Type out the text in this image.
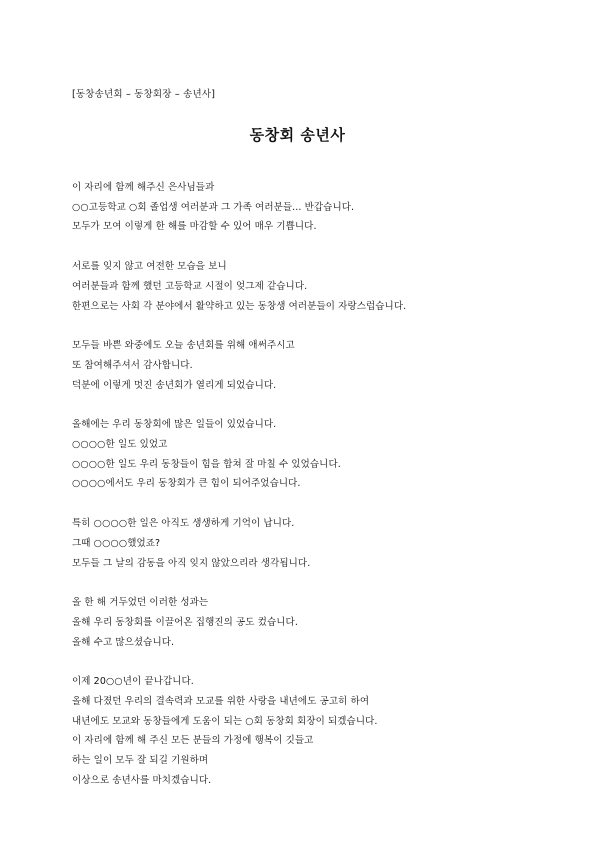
[동창송년회 – 동창회장 – 송년사]
동창회 송년사
이 자리에 함께 해주신 은사님들과
○○고등학교 ○회 졸업생 여러분과 그 가족 여러분들... 반갑습니다.
모두가 모여 이렇게 한 해를 마감할 수 있어 매우 기쁩니다.
서로를 잊지 않고 여전한 모습을 보니
여러분들과 함께 했던 고등학교 시절이 엊그제 같습니다.
한편으로는 사회 각 분야에서 활약하고 있는 동창생 여러분들이 자랑스럽습니다.
모두들 바쁜 와중에도 오늘 송년회를 위해 애써주시고
또 참여해주셔서 감사합니다.
덕분에 이렇게 멋진 송년회가 열리게 되었습니다.
올해에는 우리 동창회에 많은 일들이 있었습니다.
○○○○한 일도 있었고
○○○○한 일도 우리 동창들이 힘을 합쳐 잘 마칠 수 있었습니다.
○○○○에서도 우리 동창회가 큰 힘이 되어주었습니다.
특히 ○○○○한 일은 아직도 생생하게 기억이 납니다.
그때 ○○○○했었죠?
모두들 그 날의 감동을 아직 잊지 않았으리라 생각됩니다.
올 한 해 거두었던 이러한 성과는
올해 우리 동창회를 이끌어온 집행진의 공도 컸습니다.
올해 수고 많으셨습니다.
이제 20○○년이 끝나갑니다.
올해 다졌던 우리의 결속력과 모교를 위한 사랑을 내년에도 공고히 하여
내년에도 모교와 동창들에게 도움이 되는 ○회 동창회 회장이 되겠습니다.
이 자리에 함께 해 주신 모든 분들의 가정에 행복이 깃들고
하는 일이 모두 잘 되길 기원하며
이상으로 송년사를 마치겠습니다.
